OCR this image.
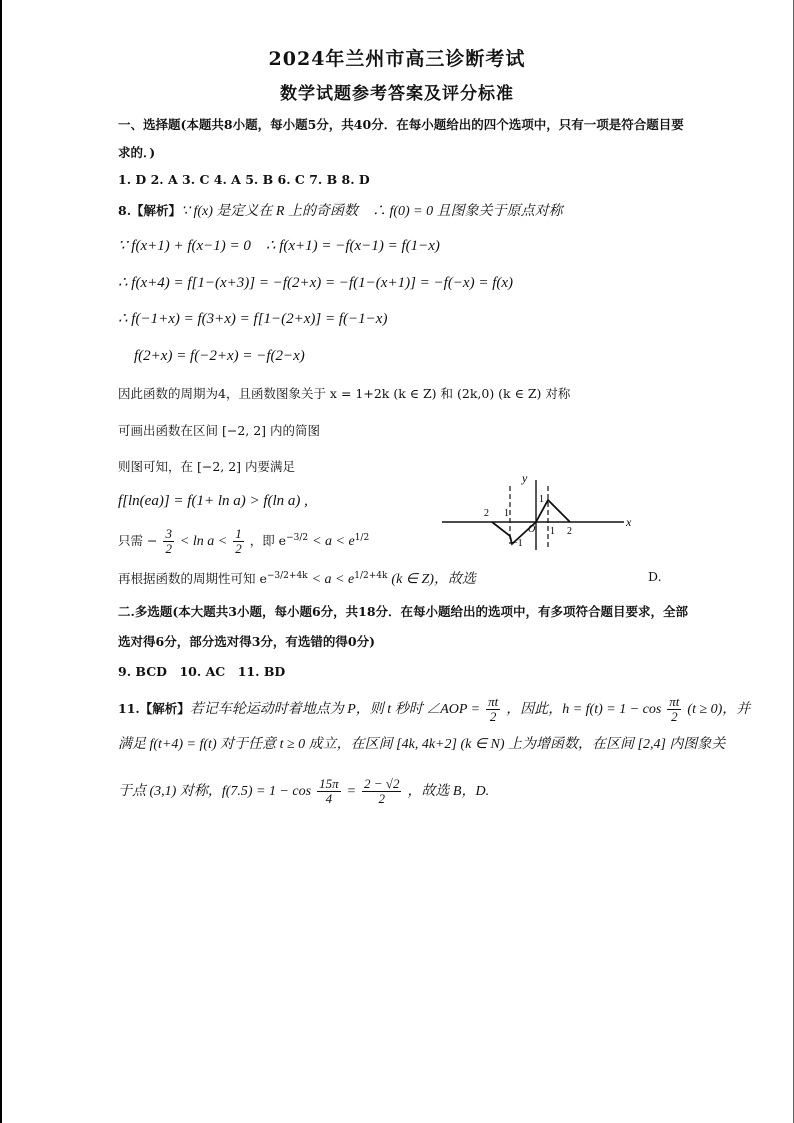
2024年兰州市高三诊断考试
数学试题参考答案及评分标准
一、选择题(本题共8小题，每小题5分，共40分．在每小题给出的四个选项中，只有一项是符合题目要
求的．)
1. D 2. A 3. C 4. A 5. B 6. C 7. B 8. D
8.【解析】∵ f(x) 是定义在 R 上的奇函数　∴ f(0) = 0 且图象关于原点对称
∵ f(x+1) + f(x−1) = 0　∴ f(x+1) = −f(x−1) = f(1−x)
∴ f(x+4) = f[1−(x+3)] = −f(2+x) = −f(1−(x+1)] = −f(−x) = f(x)
∴ f(−1+x) = f(3+x) = f[1−(2+x)] = f(−1−x)
f(2+x) = f(−2+x) = −f(2−x)
因此函数的周期为4，且函数图象关于 x = 1+2k (k ∈ Z) 和 (2k,0) (k ∈ Z) 对称
可画出函数在区间 [−2, 2] 内的简图
则图可知，在 [−2, 2] 内要满足
f[ln(ea)] = f(1+ ln a) > f(ln a) ,
只需 − $\frac{3}{2} < \ln a < \frac{1}{2}$ ，即 $e^{-3/2} < a < e^{1/2}$
再根据函数的周期性可知 $e^{-3/2+4k} < a < e^{1/2+4k}$ (k ∈ Z)，故选	D.
x
y
O
2 1
1 2
−1
1
二.多选题(本大题共3小题，每小题6分，共18分．在每小题给出的选项中，有多项符合题目要求，全部
选对得6分，部分选对得3分，有选错的得0分)
9. BCD　10. AC　11. BD
11.【解析】若记车轮运动时着地点为 P，则 t 秒时 ∠AOP = $\frac{\pi t}{2}$ ，因此，$h = f(t) = 1 - \cos \frac{\pi t}{2} (t \ge 0)$，并
满足 f(t+4) = f(t) 对于任意 t ≥ 0 成立，在区间 [4k, 4k+2] (k ∈ N) 上为增函数，在区间 [2,4] 内图象关
于点 (3,1) 对称，$f(7.5) = 1 - \cos \frac{15\pi}{4} = \frac{2 - √2}{2}$ ，故选 B，D.
